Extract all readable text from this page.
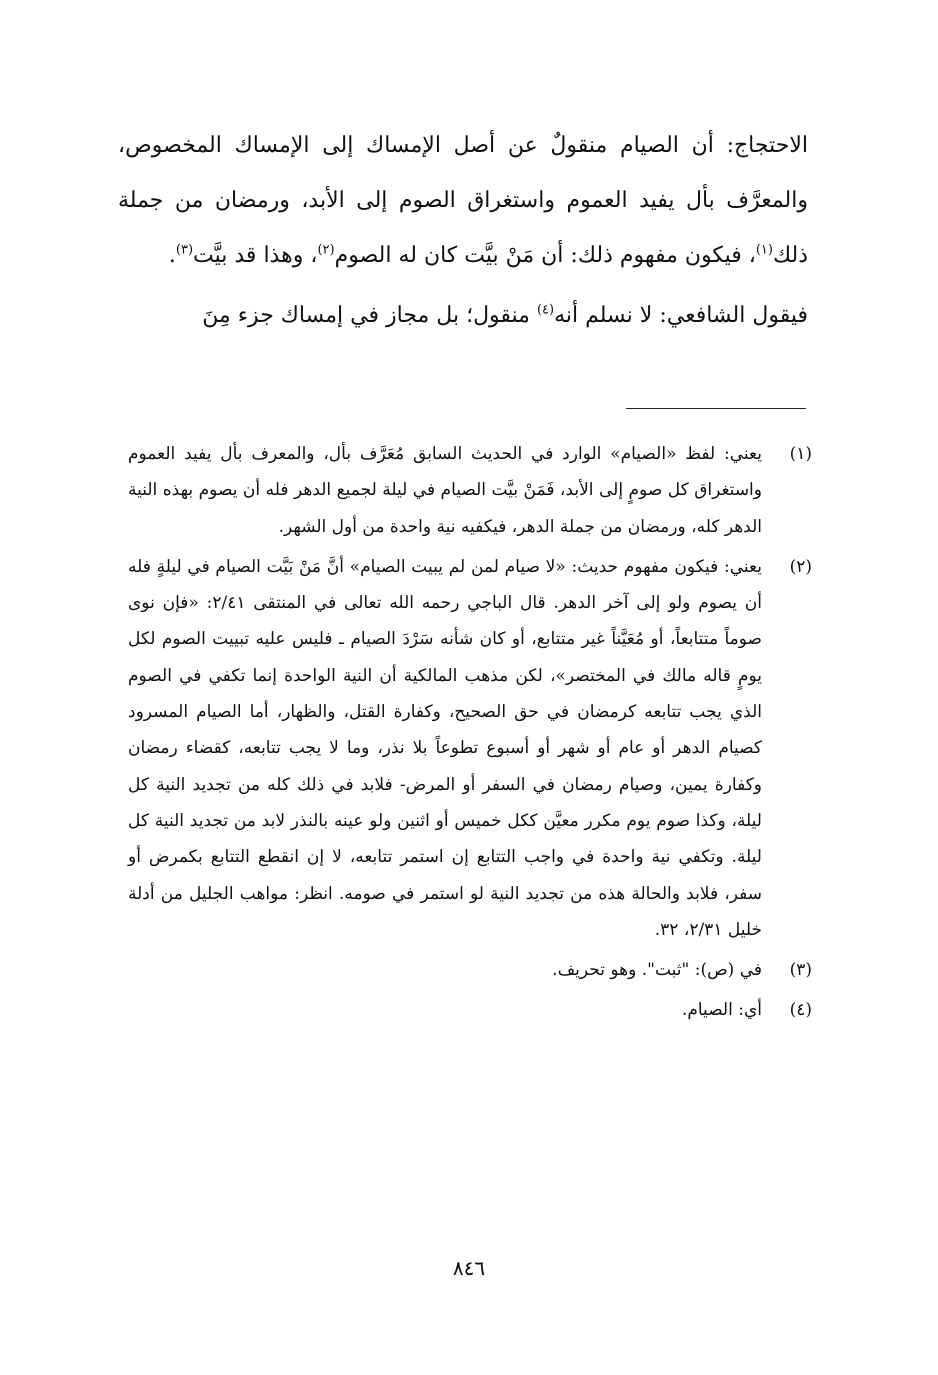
الاحتجاج: أن الصيام منقولٌ عن أصل الإمساك إلى الإمساك المخصوص، والمعرَّف بأل يفيد العموم واستغراق الصوم إلى الأبد، ورمضان من جملة ذلك$^{(١)}$، فيكون مفهوم ذلك: أن مَنْ بيَّت كان له الصوم$^{(٢)}$، وهذا قد بيَّت$^{(٣)}$.

فيقول الشافعي: لا نسلم أنه$^{(٤)}$ منقول؛ بل مجاز في إمساك جزء مِنَ

(١)
يعني: لفظ «الصيام» الوارد في الحديث السابق مُعَرَّف بأل، والمعرف بأل يفيد العموم واستغراق كل صومٍ إلى الأبد، فَمَنْ بيَّت الصيام في ليلة لجميع الدهر فله أن يصوم بهذه النية الدهر كله، ورمضان من جملة الدهر، فيكفيه نية واحدة من أول الشهر.
(٢)
يعني: فيكون مفهوم حديث: «لا صيام لمن لم يبيت الصيام» أنَّ مَنْ بَيَّت الصيام في ليلةٍ فله أن يصوم ولو إلى آخر الدهر. قال الباجي رحمه الله تعالى في المنتقى ٢/٤١: «فإن نوى صوماً متتابعاً، أو مُعَيَّناً غير متتابع، أو كان شأنه سَرْدَ الصيام ـ فليس عليه تبييت الصوم لكل يومٍ قاله مالك في المختصر»، لكن مذهب المالكية أن النية الواحدة إنما تكفي في الصوم الذي يجب تتابعه كرمضان في حق الصحيح، وكفارة القتل، والظهار، أما الصيام المسرود كصيام الدهر أو عام أو شهر أو أسبوع تطوعاً بلا نذر، وما لا يجب تتابعه، كقضاء رمضان وكفارة يمين، وصيام رمضان في السفر أو المرض- فلابد في ذلك كله من تجديد النية كل ليلة، وكذا صوم يوم مكرر معيَّن ككل خميس أو اثنين ولو عينه بالنذر لابد من تجديد النية كل ليلة. وتكفي نية واحدة في واجب التتابع إن استمر تتابعه، لا إن انقطع التتابع بكمرض أو سفر، فلابد والحالة هذه من تجديد النية لو استمر في صومه. انظر: مواهب الجليل من أدلة خليل ٢/٣١، ٣٢.
(٣)
في (ص): "ثبت". وهو تحريف.
(٤)
أي: الصيام.
٨٤٦
